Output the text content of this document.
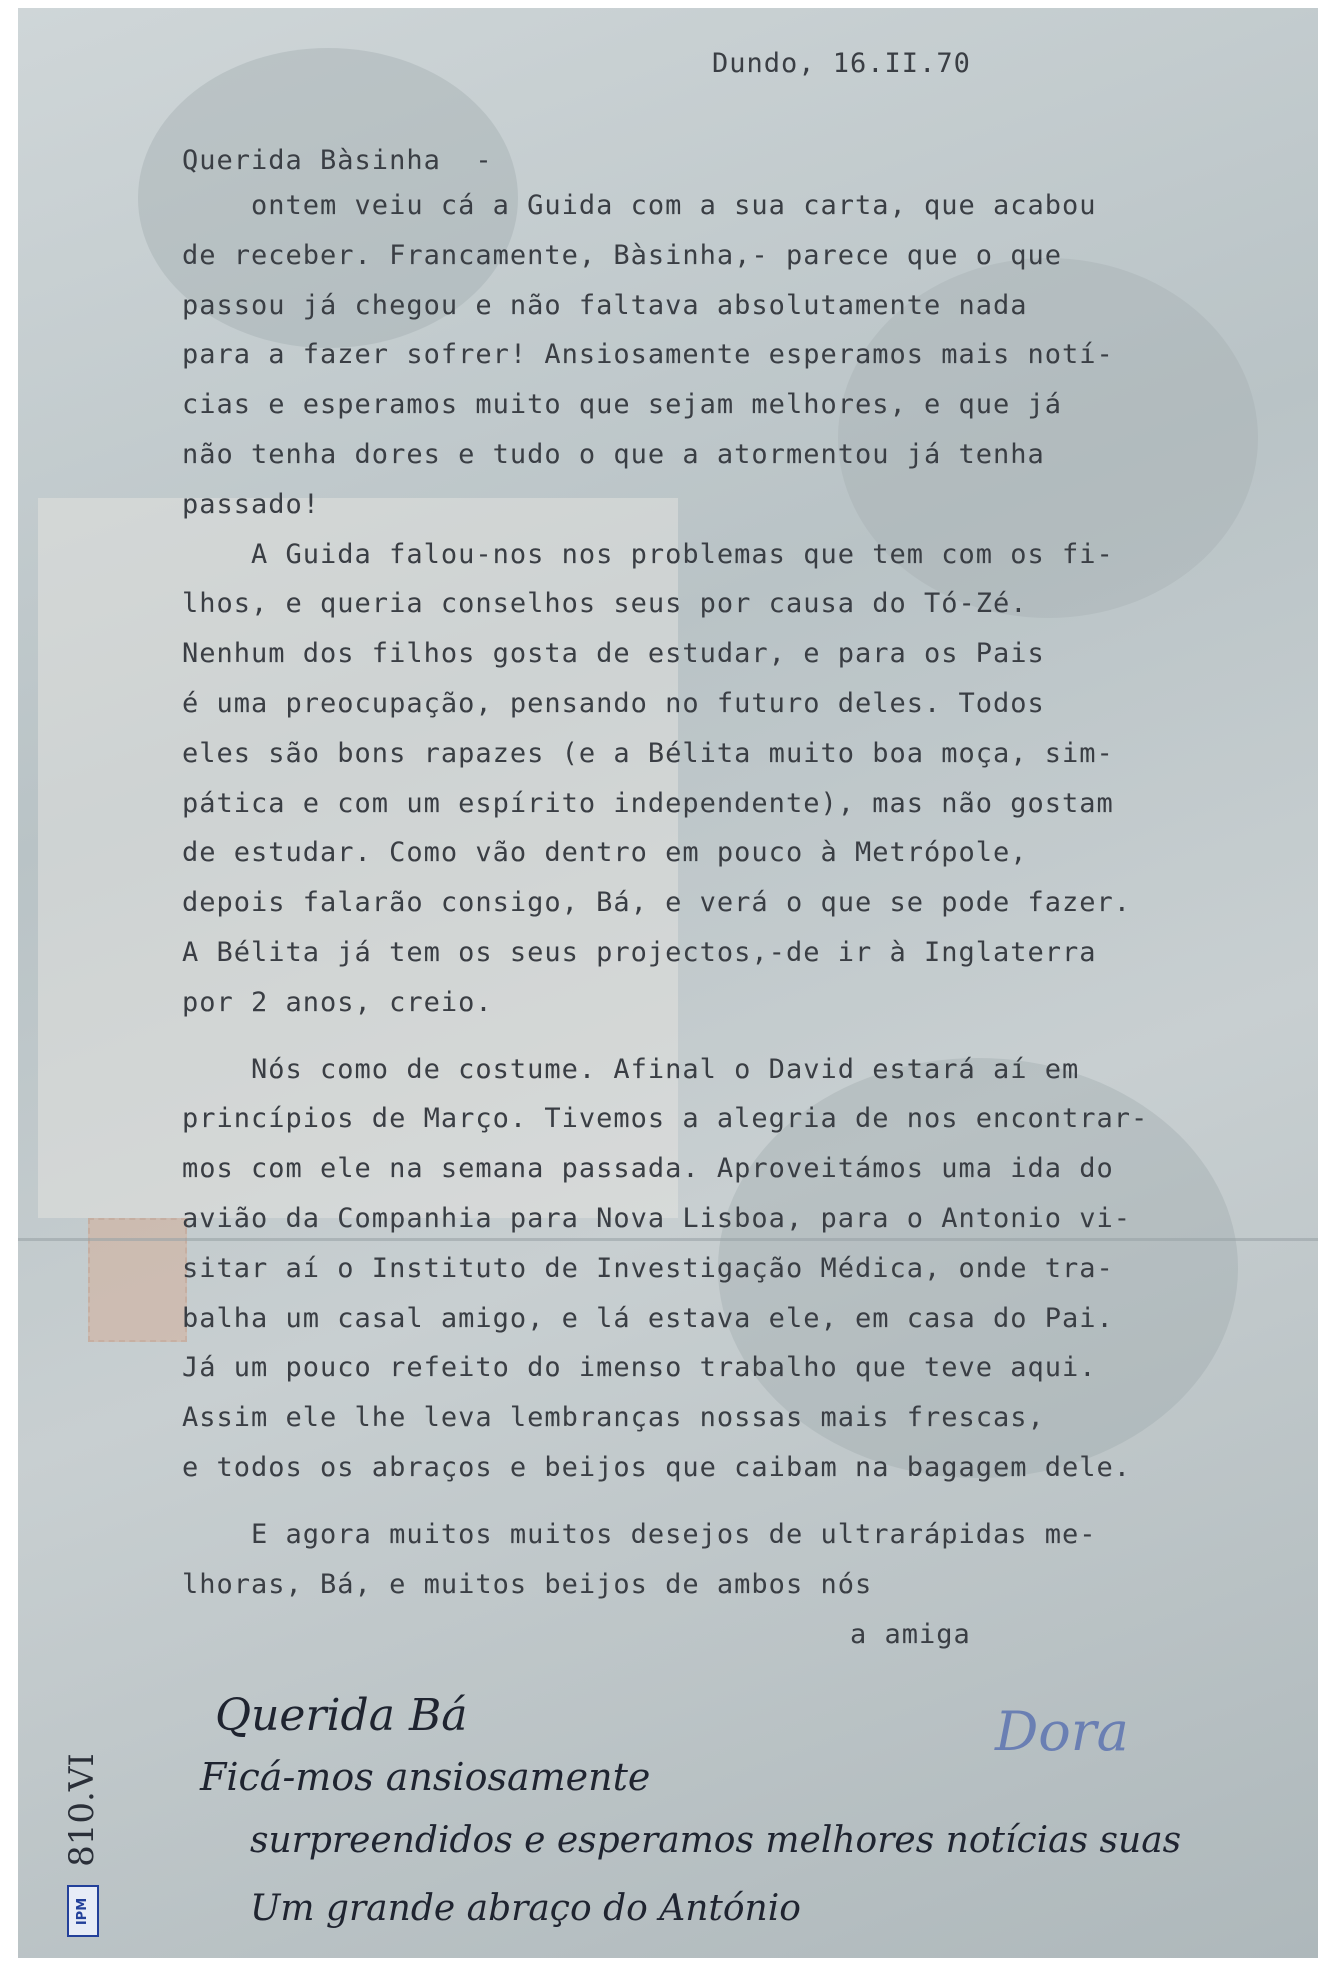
Dundo, 16.II.70
Querida Bàsinha  -
ontem veiu cá a Guida com a sua carta, que acabou
de receber. Francamente, Bàsinha,- parece que o que
passou já chegou e não faltava absolutamente nada
para a fazer sofrer! Ansiosamente esperamos mais notí-
cias e esperamos muito que sejam melhores, e que já
não tenha dores e tudo o que a atormentou já tenha
passado!
A Guida falou-nos nos problemas que tem com os fi-
lhos, e queria conselhos seus por causa do Tó-Zé.
Nenhum dos filhos gosta de estudar, e para os Pais
é uma preocupação, pensando no futuro deles. Todos
eles são bons rapazes (e a Bélita muito boa moça, sim-
pática e com um espírito independente), mas não gostam
de estudar. Como vão dentro em pouco à Metrópole,
depois falarão consigo, Bá, e verá o que se pode fazer.
A Bélita já tem os seus projectos,-de ir à Inglaterra
por 2 anos, creio.
Nós como de costume. Afinal o David estará aí em
princípios de Março. Tivemos a alegria de nos encontrar-
mos com ele na semana passada. Aproveitámos uma ida do
avião da Companhia para Nova Lisboa, para o Antonio vi-
sitar aí o Instituto de Investigação Médica, onde tra-
balha um casal amigo, e lá estava ele, em casa do Pai.
Já um pouco refeito do imenso trabalho que teve aqui.
Assim ele lhe leva lembranças nossas mais frescas,
e todos os abraços e beijos que caibam na bagagem dele.
E agora muitos muitos desejos de ultrarápidas me-
lhoras, Bá, e muitos beijos de ambos nós
a amiga
Dora
Querida Bá
Ficá-mos ansiosamente
surpreendidos e esperamos melhores notícias suas
Um grande abraço do António
810.VI
IPM
